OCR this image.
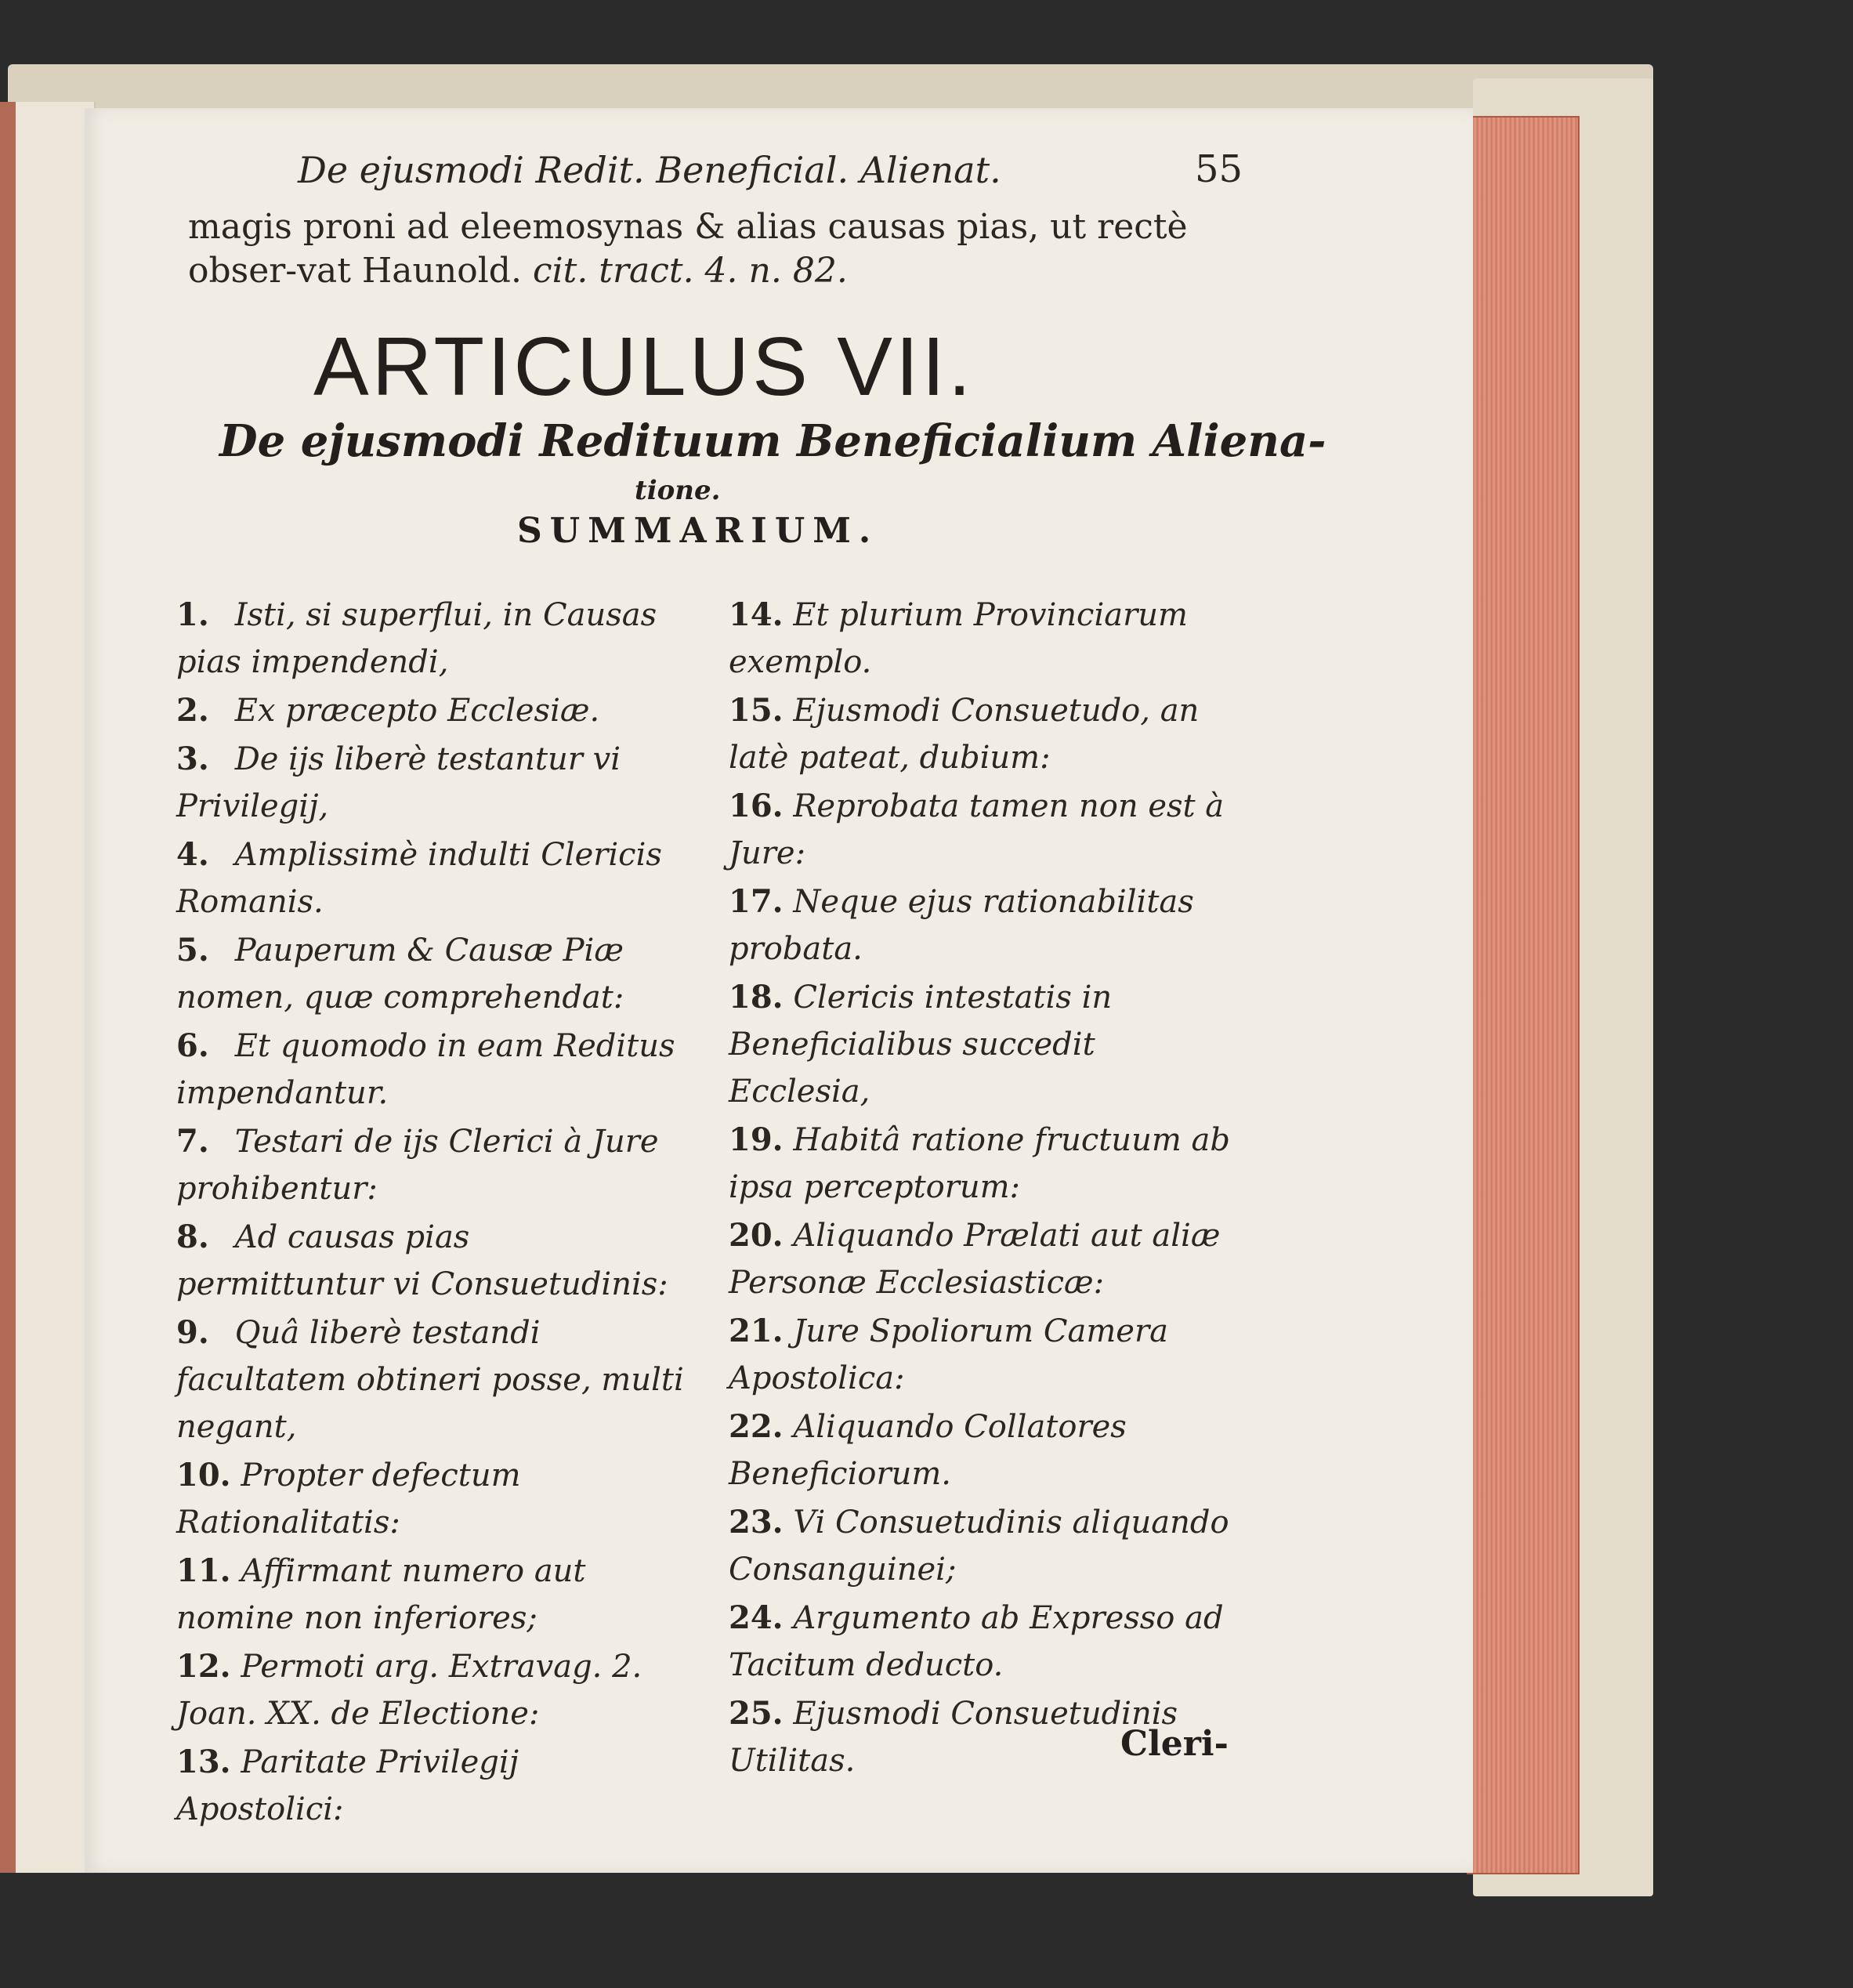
De ejusmodi Redit. Beneficial. Alienat.	55
magis proni ad eleemosynas & alias causas pias, ut rectè obser-vat Haunold. cit. tract. 4. n. 82.
ARTICULUS VII.
De ejusmodi Redituum Beneficialium Aliena-
tione.
SUMMARIUM.
1. Isti, si superflui, in Causas pias impendendi,
2. Ex præcepto Ecclesiæ.
3. De ijs liberè testantur vi Privilegij,
4. Amplissimè indulti Clericis Romanis.
5. Pauperum & Causæ Piæ nomen, quæ comprehendat:
6. Et quomodo in eam Reditus impendantur.
7. Testari de ijs Clerici à Jure prohibentur:
8. Ad causas pias permittuntur vi Consuetudinis:
9. Quâ liberè testandi facultatem obtineri posse, multi negant,
10. Propter defectum Rationalitatis:
11. Affirmant numero aut nomine non inferiores;
12. Permoti arg. Extravag. 2. Joan. XX. de Electione:
13. Paritate Privilegij Apostolici:
14. Et plurium Provinciarum exemplo.
15. Ejusmodi Consuetudo, an latè pateat, dubium:
16. Reprobata tamen non est à Jure:
17. Neque ejus rationabilitas probata.
18. Clericis intestatis in Beneficialibus succedit Ecclesia,
19. Habitâ ratione fructuum ab ipsa perceptorum:
20. Aliquando Prælati aut aliæ Personæ Ecclesiasticæ:
21. Jure Spoliorum Camera Apostolica:
22. Aliquando Collatores Beneficiorum.
23. Vi Consuetudinis aliquando Consanguinei;
24. Argumento ab Expresso ad Tacitum deducto.
25. Ejusmodi Consuetudinis Utilitas.	Cleri-
